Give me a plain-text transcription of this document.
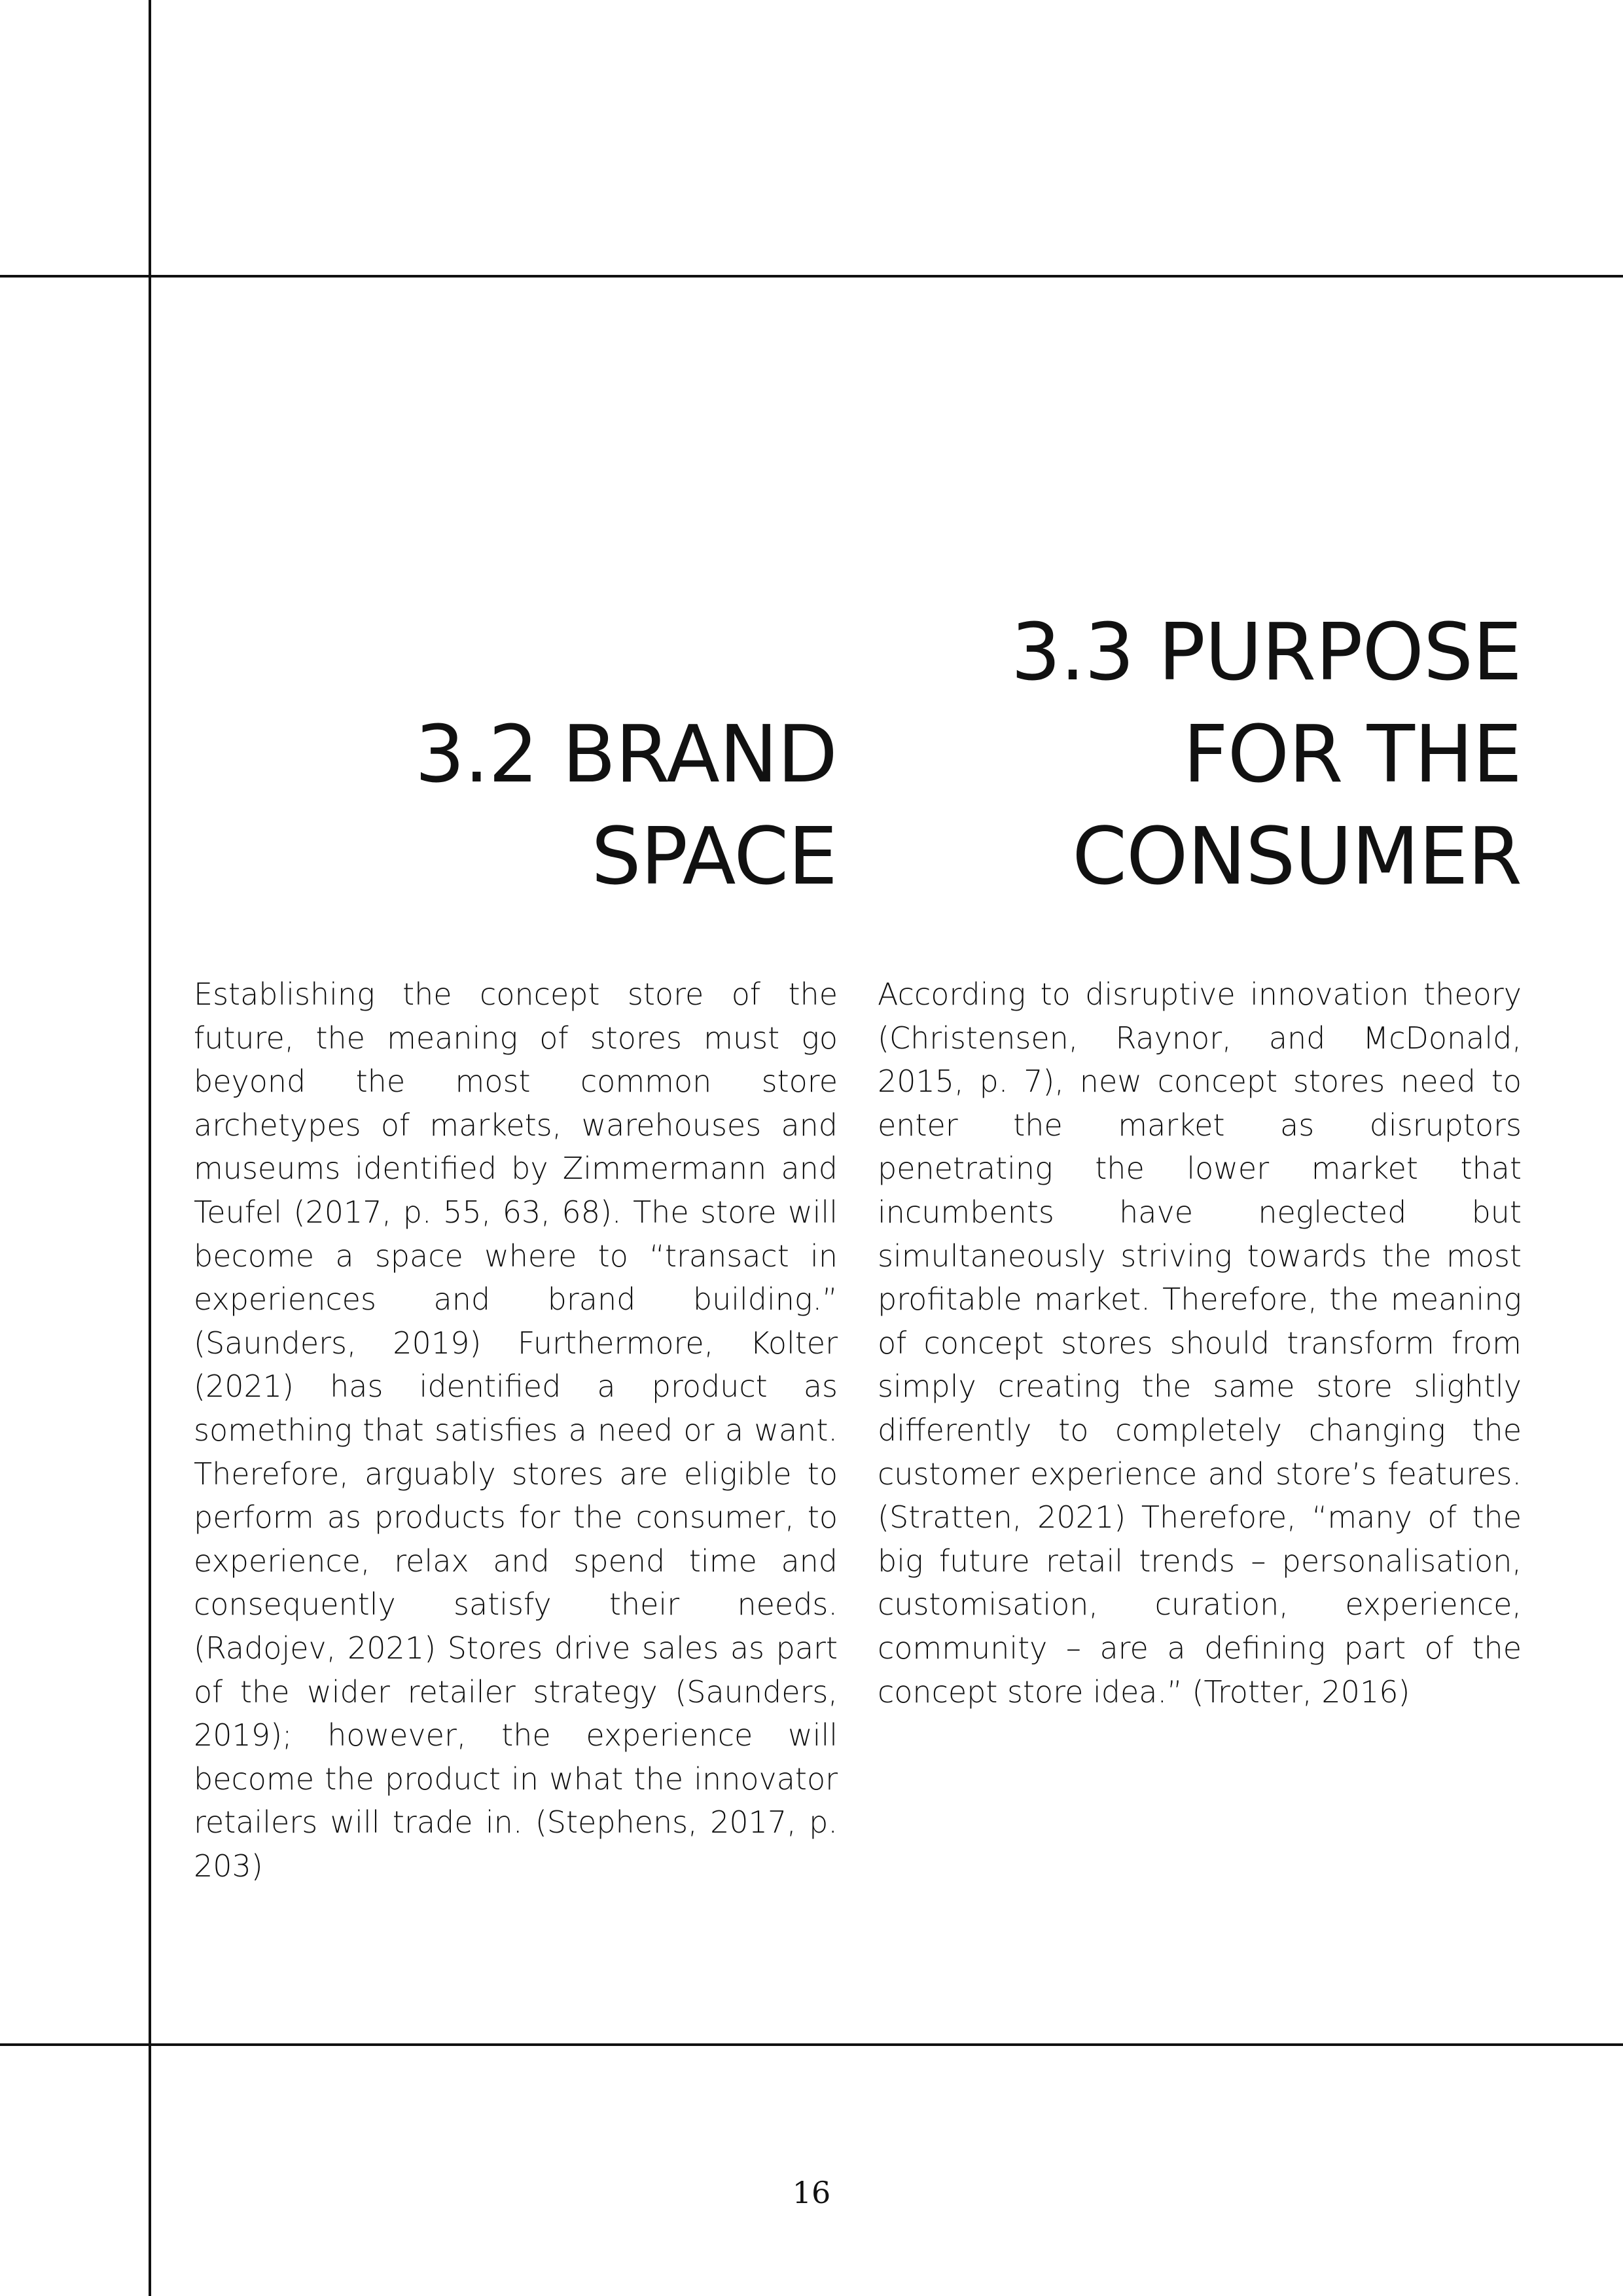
3.2 BRAND
SPACE
3.3 PURPOSE
FOR THE
CONSUMER

Establishing the concept store of the future, the meaning of stores must go beyond the most common store archetypes of markets, warehouses and museums identified by Zimmermann and Teufel (2017, p. 55, 63, 68). The store will become a space where to “transact in experiences and brand building.” (Saunders, 2019) Furthermore, Kolter (2021) has identified a product as something that satisfies a need or a want. Therefore, arguably stores are eligible to perform as products for the consumer, to experience, relax and spend time and consequently satisfy their needs. (Radojev, 2021) Stores drive sales as part of the wider retailer strategy (Saunders, 2019); however, the experience will become the product in what the innovator retailers will trade in. (Stephens, 2017, p. 203)

According to disruptive innovation theory (Christensen, Raynor, and McDonald, 2015, p. 7), new concept stores need to enter the market as disruptors penetrating the lower market that incumbents have neglected but simultaneously striving towards the most profitable market. Therefore, the meaning of concept stores should transform from simply creating the same store slightly differently to completely changing the customer experience and store’s features. (Stratten, 2021) Therefore, “many of the big future retail trends – personalisation, customisation, curation, experience, community – are a defining part of the concept store idea.” (Trotter, 2016)

16
